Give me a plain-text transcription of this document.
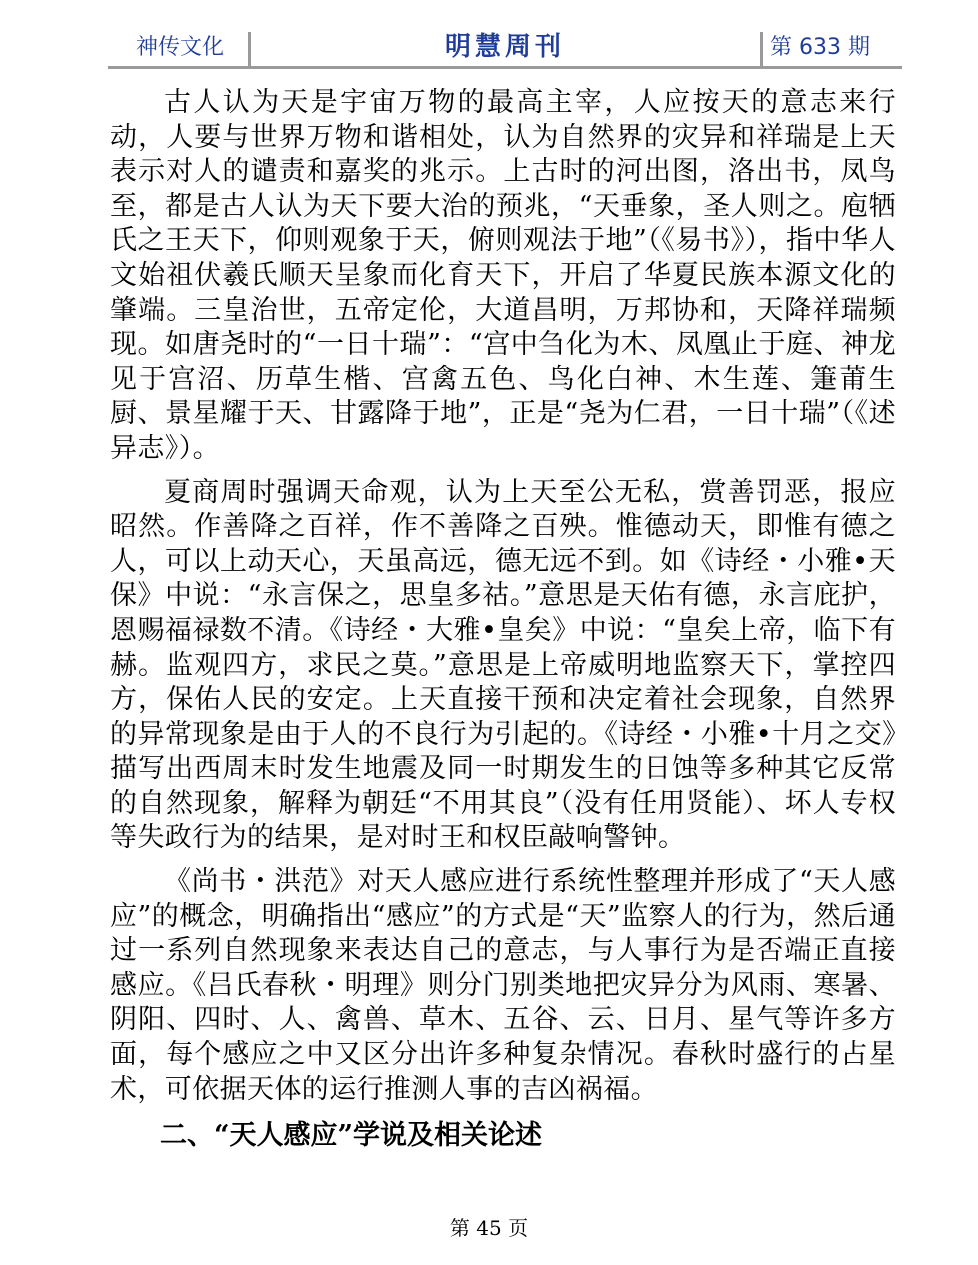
神传文化	明慧周刊	第 633 期

古人认为天是宇宙万物的最高主宰，人应按天的意志来行动，人要与世界万物和谐相处，认为自然界的灾异和祥瑞是上天表示对人的谴责和嘉奖的兆示。上古时的河出图，洛出书，凤鸟至，都是古人认为天下要大治的预兆，“天垂象，圣人则之。庖牺氏之王天下，仰则观象于天，俯则观法于地”（《易书》），指中华人文始祖伏羲氏顺天呈象而化育天下，开启了华夏民族本源文化的肇端。三皇治世，五帝定伦，大道昌明，万邦协和，天降祥瑞频现。如唐尧时的“一日十瑞”：“宫中刍化为木、凤凰止于庭、神龙见于宫沼、历草生楷、宫禽五色、鸟化白神、木生莲、箑莆生厨、景星耀于天、甘露降于地”，正是“尧为仁君，一日十瑞”（《述异志》）。

夏商周时强调天命观，认为上天至公无私，赏善罚恶，报应昭然。作善降之百祥，作不善降之百殃。惟德动天，即惟有德之人，可以上动天心，天虽高远，德无远不到。如《诗经・小雅•天保》中说：“永言保之，思皇多祜。”意思是天佑有德，永言庇护，恩赐福禄数不清。《诗经・大雅•皇矣》中说：“皇矣上帝，临下有赫。监观四方，求民之莫。”意思是上帝威明地监察天下，掌控四方，保佑人民的安定。上天直接干预和决定着社会现象，自然界的异常现象是由于人的不良行为引起的。《诗经・小雅•十月之交》描写出西周末时发生地震及同一时期发生的日蚀等多种其它反常的自然现象，解释为朝廷“不用其良”（没有任用贤能）、坏人专权等失政行为的结果，是对时王和权臣敲响警钟。

《尚书・洪范》对天人感应进行系统性整理并形成了“天人感应”的概念，明确指出“感应”的方式是“天”监察人的行为，然后通过一系列自然现象来表达自己的意志，与人事行为是否端正直接感应。《吕氏春秋・明理》则分门别类地把灾异分为风雨、寒暑、阴阳、四时、人、禽兽、草木、五谷、云、日月、星气等许多方面，每个感应之中又区分出许多种复杂情况。春秋时盛行的占星术，可依据天体的运行推测人事的吉凶祸福。

二、“天人感应”学说及相关论述
第 45 页
